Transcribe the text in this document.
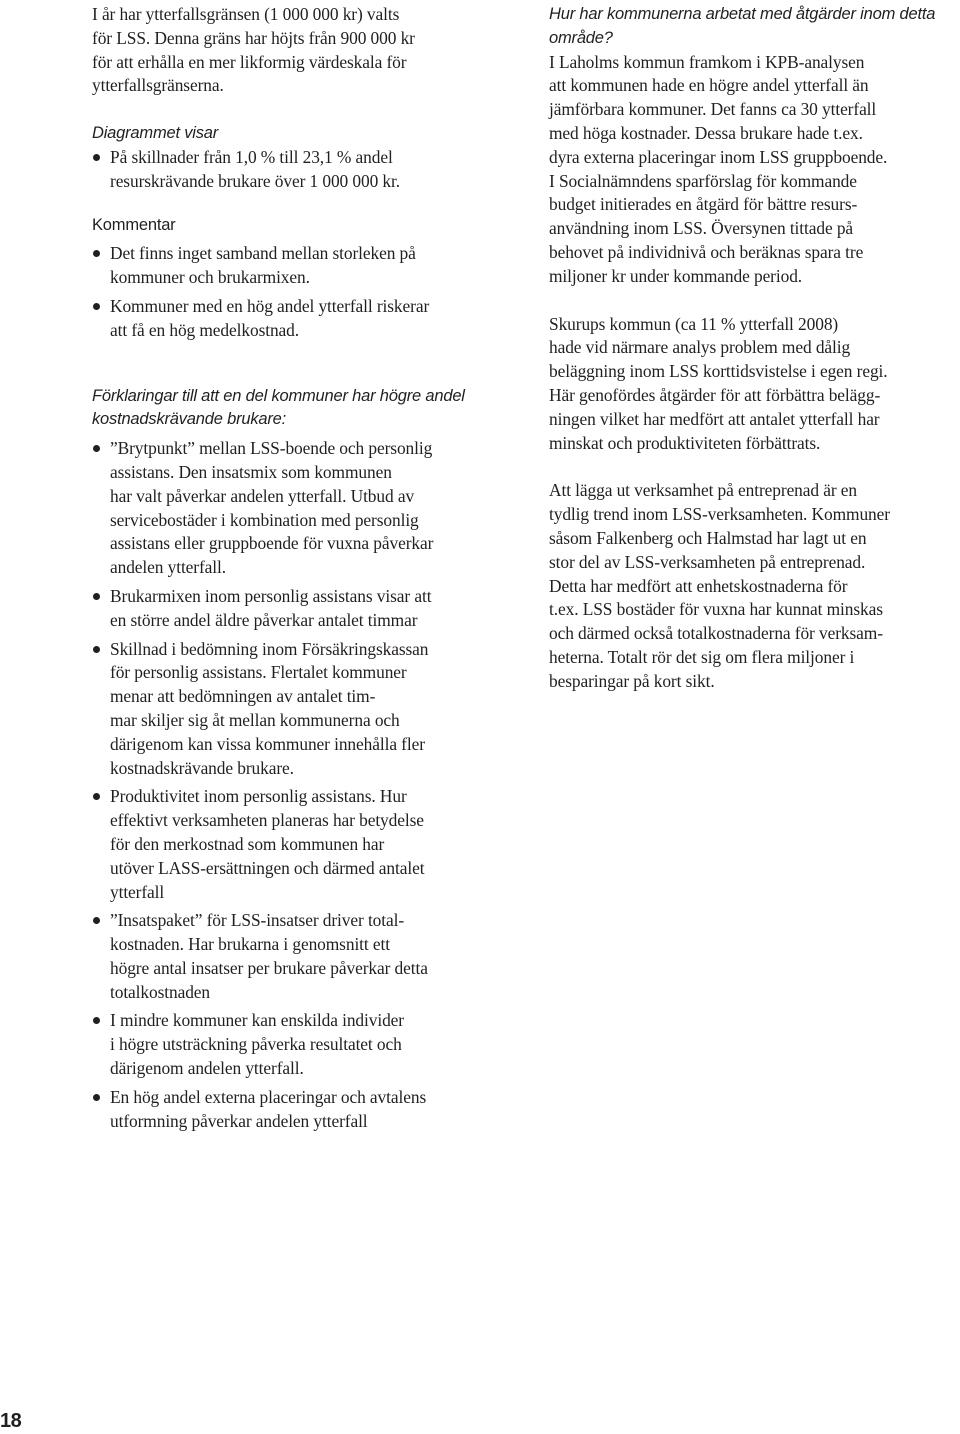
I år har ytterfallsgränsen (1 000 000 kr) valts
för LSS. Denna gräns har höjts från 900 000 kr
för att erhålla en mer likformig värdeskala för
ytterfallsgränserna.

Diagrammet visar

På skillnader från 1,0 % till 23,1 % andel
resurskrävande brukare över 1 000 000 kr.

Kommentar

Det finns inget samband mellan storleken på
kommuner och brukarmixen.
Kommuner med en hög andel ytterfall riskerar
att få en hög medelkostnad.

Förklaringar till att en del kommuner har högre andel
kostnadskrävande brukare:

”Brytpunkt” mellan LSS-boende och personlig
assistans. Den insatsmix som kommunen
har valt påverkar andelen ytterfall. Utbud av
servicebostäder i kombination med personlig
assistans eller gruppboende för vuxna påverkar
andelen ytterfall.
Brukarmixen inom personlig assistans visar att
en större andel äldre påverkar antalet timmar
Skillnad i bedömning inom Försäkringskassan
för personlig assistans. Flertalet kommuner
menar att bedömningen av antalet tim-
mar skiljer sig åt mellan kommunerna och
därigenom kan vissa kommuner innehålla fler
kostnadskrävande brukare.
Produktivitet inom personlig assistans. Hur
effektivt verksamheten planeras har betydelse
för den merkostnad som kommunen har
utöver LASS-ersättningen och därmed antalet
ytterfall
”Insatspaket” för LSS-insatser driver total-
kostnaden. Har brukarna i genomsnitt ett
högre antal insatser per brukare påverkar detta
totalkostnaden
I mindre kommuner kan enskilda individer
i högre utsträckning påverka resultatet och
därigenom andelen ytterfall.
En hög andel externa placeringar och avtalens
utformning påverkar andelen ytterfall

Hur har kommunerna arbetat med åtgärder inom detta
område?

I Laholms kommun framkom i KPB-analysen
att kommunen hade en högre andel ytterfall än
jämförbara kommuner. Det fanns ca 30 ytterfall
med höga kostnader. Dessa brukare hade t.ex.
dyra externa placeringar inom LSS gruppboende.
I Socialnämndens sparförslag för kommande
budget initierades en åtgärd för bättre resurs-
användning inom LSS. Översynen tittade på
behovet på individnivå och beräknas spara tre
miljoner kr under kommande period.

Skurups kommun (ca 11 % ytterfall 2008)
hade vid närmare analys problem med dålig
beläggning inom LSS korttidsvistelse i egen regi.
Här genofördes åtgärder för att förbättra belägg-
ningen vilket har medfört att antalet ytterfall har
minskat och produktiviteten förbättrats.

Att lägga ut verksamhet på entreprenad är en
tydlig trend inom LSS-verksamheten. Kommuner
såsom Falkenberg och Halmstad har lagt ut en
stor del av LSS-verksamheten på entreprenad.
Detta har medfört att enhetskostnaderna för
t.ex. LSS bostäder för vuxna har kunnat minskas
och därmed också totalkostnaderna för verksam-
heterna. Totalt rör det sig om flera miljoner i
besparingar på kort sikt.

18
